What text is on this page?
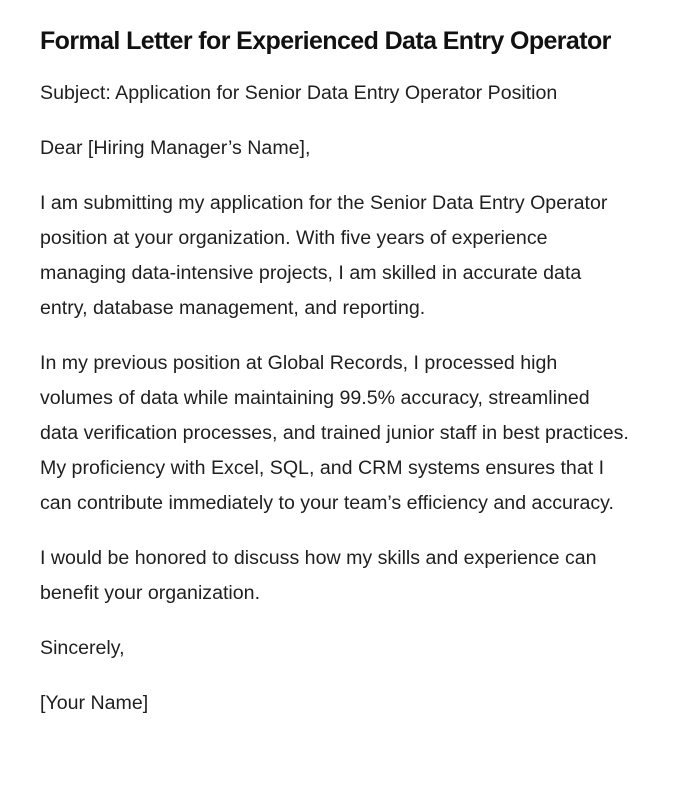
Formal Letter for Experienced Data Entry Operator

Subject: Application for Senior Data Entry Operator Position

Dear [Hiring Manager’s Name],

I am submitting my application for the Senior Data Entry Operator position at your organization. With five years of experience managing data-intensive projects, I am skilled in accurate data entry, database management, and reporting.

In my previous position at Global Records, I processed high volumes of data while maintaining 99.5% accuracy, streamlined data verification processes, and trained junior staff in best practices. My proficiency with Excel, SQL, and CRM systems ensures that I can contribute immediately to your team’s efficiency and accuracy.

I would be honored to discuss how my skills and experience can benefit your organization.

Sincerely,

[Your Name]
